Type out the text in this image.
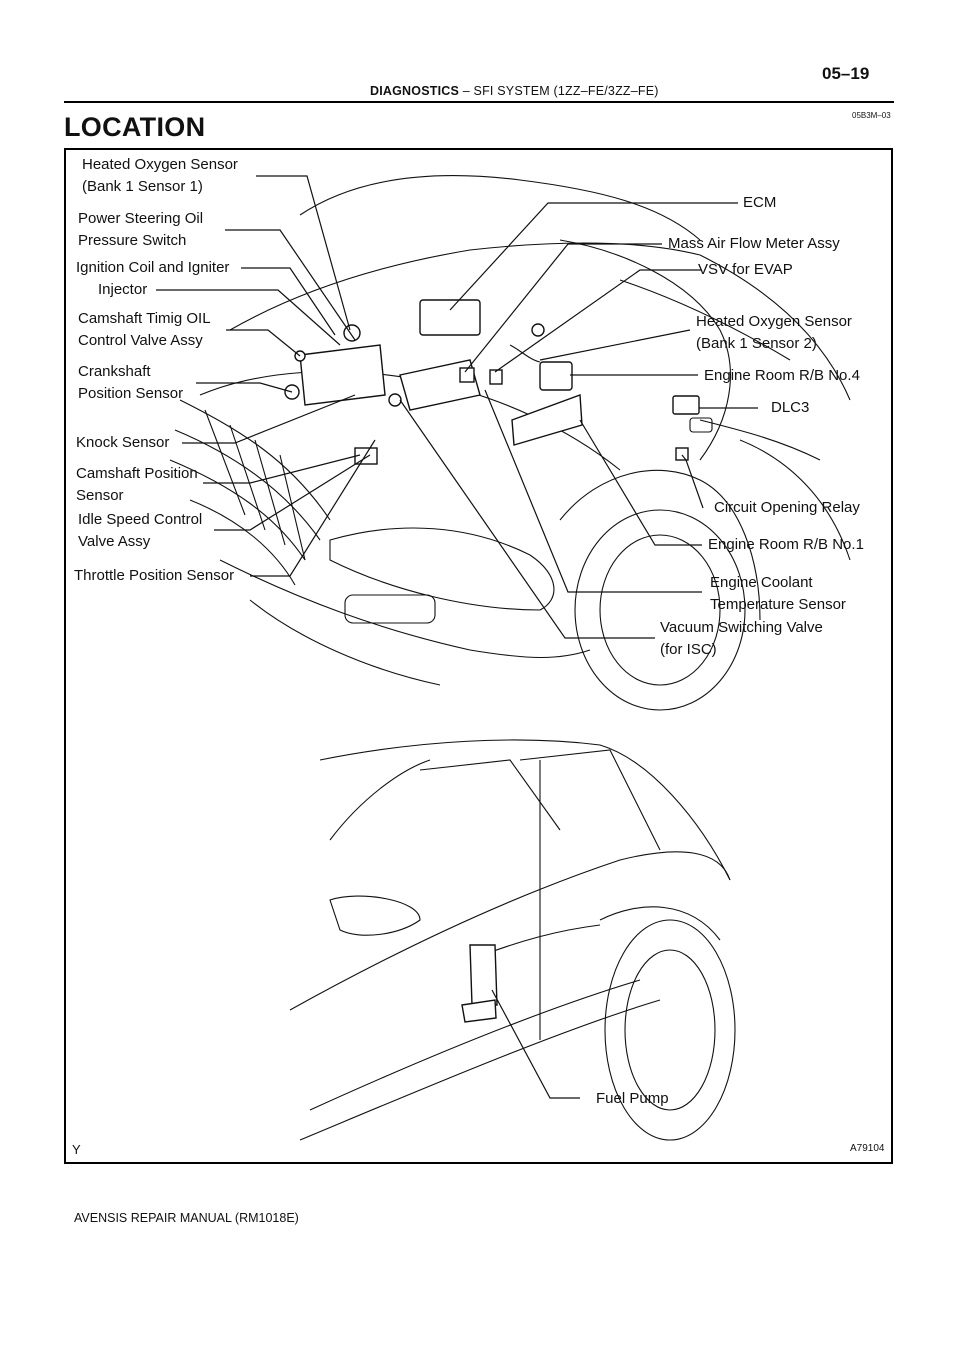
05–19
DIAGNOSTICS – SFI SYSTEM (1ZZ–FE/3ZZ–FE)
LOCATION	05B3M–03
Heated Oxygen Sensor
(Bank 1 Sensor 1)
Power Steering Oil
Pressure Switch
Ignition Coil and Igniter
Injector
Camshaft Timig OIL
Control Valve Assy
Crankshaft
Position Sensor
Knock Sensor
Camshaft Position
Sensor
Idle Speed Control
Valve Assy
Throttle Position Sensor
ECM
Mass Air Flow Meter Assy
VSV for EVAP
Heated Oxygen Sensor
(Bank 1 Sensor 2)
Engine Room R/B No.4
DLC3
Circuit Opening Relay
Engine Room R/B No.1
Engine Coolant
Temperature Sensor
Vacuum Switching Valve
(for ISC)
Fuel Pump
Y	A79104
AVENSIS REPAIR MANUAL (RM1018E)
